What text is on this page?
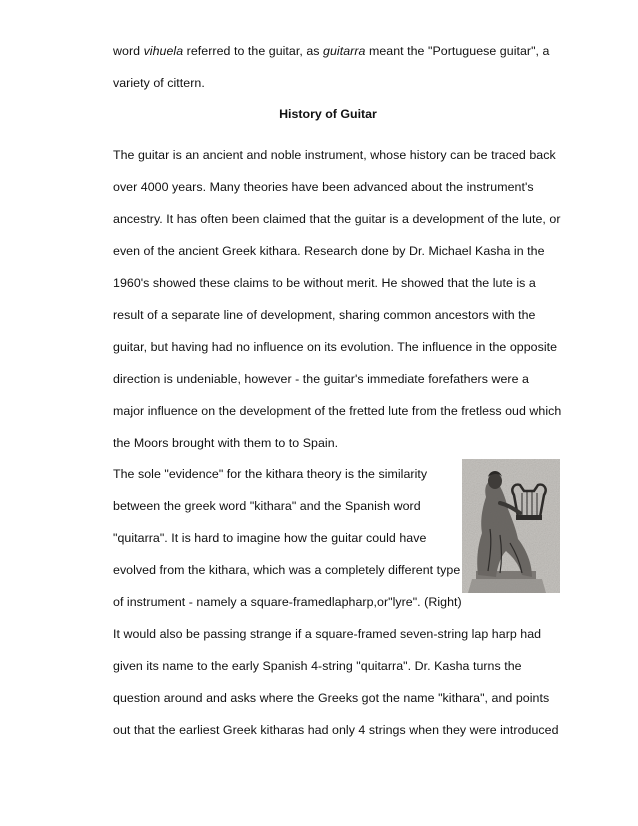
word vihuela referred to the guitar, as guitarra meant the "Portuguese guitar", a
variety of cittern.
History of Guitar
The guitar is an ancient and noble instrument, whose history can be traced back
over 4000 years. Many theories have been advanced about the instrument's
ancestry. It has often been claimed that the guitar is a development of the lute, or
even of the ancient Greek kithara. Research done by Dr. Michael Kasha in the
1960's showed these claims to be without merit. He showed that the lute is a
result of a separate line of development, sharing common ancestors with the
guitar, but having had no influence on its evolution. The influence in the opposite
direction is undeniable, however - the guitar's immediate forefathers were a
major influence on the development of the fretted lute from the fretless oud which
the Moors brought with them to to Spain.
The sole "evidence" for the kithara theory is the similarity
between the greek word "kithara" and the Spanish word
"quitarra". It is hard to imagine how the guitar could have
evolved from the kithara, which was a completely different type
of instrument - namely a square-framedlapharp,or"lyre". (Right)
It would also be passing strange if a square-framed seven-string lap harp had
given its name to the early Spanish 4-string "quitarra". Dr. Kasha turns the
question around and asks where the Greeks got the name "kithara", and points
out that the earliest Greek kitharas had only 4 strings when they were introduced
